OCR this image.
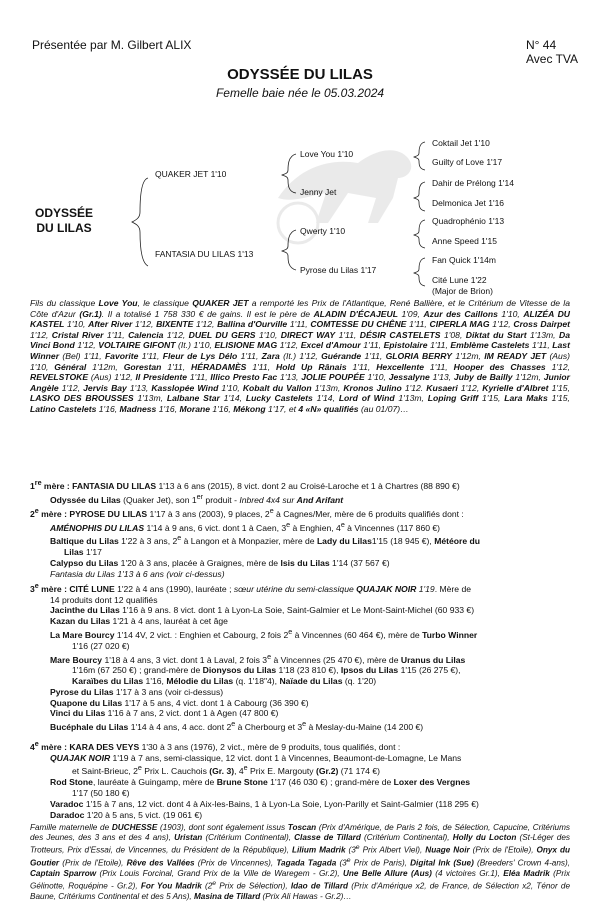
Présentée par M. Gilbert ALIX	N° 44
Avec TVA
ODYSSÉE DU LILAS
Femelle baie née le 05.03.2024
ODYSSÉE
DU LILAS
QUAKER JET 1'10
FANTASIA DU LILAS 1'13
Love You 1'10
Jenny Jet
Qwerty 1'10
Pyrose du Lilas 1'17
Coktail Jet 1'10
Guilty of Love 1'17
Dahir de Prélong 1'14
Delmonica Jet 1'16
Quadrophénio 1'13
Anne Speed 1'15
Fan Quick 1'14m
Cité Lune 1'22
(Major de Brion)
Fils du classique Love You, le classique QUAKER JET a remporté les Prix de l'Atlantique, René Ballière, et le Critérium de Vitesse de la Côte d'Azur (Gr.1). Il a totalisé 1 758 330 € de gains. Il est le père de ALADIN D'ÉCAJEUL 1'09, Azur des Caillons 1'10, ALIZÉA DU KASTEL 1'10, After River 1'12, BIXENTE 1'12, Ballina d'Ourville 1'11, COMTESSE DU CHÊNE 1'11, CIPERLA MAG 1'12, Cross Dairpet 1'12, Cristal River 1'11, Calencia 1'12, DUEL DU GERS 1'10, DIRECT WAY 1'11, DÉSIR CASTELETS 1'08, Diktat du Start 1'13m, Da Vinci Bond 1'12, VOLTAIRE GIFONT (It.) 1'10, ELISIONE MAG 1'12, Excel d'Amour 1'11, Epistolaire 1'11, Emblème Castelets 1'11, Last Winner (Bel) 1'11, Favorite 1'11, Fleur de Lys Délo 1'11, Zara (It.) 1'12, Guérande 1'11, GLORIA BERRY 1'12m, IM READY JET (Aus) 1'10, Général 1'12m, Gorestan 1'11, HÉRADAMÈS 1'11, Hold Up Rânais 1'11, Hexcellente 1'11, Hooper des Chasses 1'12, REVELSTOKE (Aus) 1'12, Il Presidente 1'11, Illico Presto Fac 1'13, JOLIE POUPÉE 1'10, Jessalyne 1'13, Juby de Bailly 1'12m, Junior Angèle 1'12, Jervis Bay 1'13, Kasslopée Wind 1'10, Kobalt du Vallon 1'13m, Kronos Julino 1'12. Kusaeri 1'12, Kyrielle d'Albret 1'15, LASKO DES BROUSSES 1'13m, Lalbane Star 1'14, Lucky Castelets 1'14, Lord of Wind 1'13m, Loping Griff 1'15, Lara Maks 1'15, Latino Castelets 1'16, Madness 1'16, Morane 1'16, Mékong 1'17, et 4 «N» qualifiés (au 01/07)…
1re mère : FANTASIA DU LILAS 1'13 à 6 ans (2015), 8 vict. dont 2 au Croisé-Laroche et 1 à Chartres (88 890 €)
Odyssée du Lilas (Quaker Jet), son 1er produit - Inbred 4x4 sur And Arifant
2e mère : PYROSE DU LILAS 1'17 à 3 ans (2003), 9 places, 2e à Cagnes/Mer, mère de 6 produits qualifiés dont :
AMÉNOPHIS DU LILAS 1'14 à 9 ans, 6 vict. dont 1 à Caen, 3e à Enghien, 4e à Vincennes (117 860 €)
Baltique du Lilas 1'22 à 3 ans, 2e à Langon et à Monpazier, mère de Lady du Lilas1'15 (18 945 €), Météore du
Lilas 1'17
Calypso du Lilas 1'20 à 3 ans, placée à Graignes, mère de Isis du Lilas 1'14 (37 567 €)
Fantasia du Lilas 1'13 à 6 ans (voir ci-dessus)
3e mère : CITÉ LUNE 1'22 à 4 ans (1990), lauréate ; sœur utérine du semi-classique QUAJAK NOIR 1'19. Mère de
14 produits dont 12 qualifiés
Jacinthe du Lilas 1'16 à 9 ans. 8 vict. dont 1 à Lyon-La Soie, Saint-Galmier et Le Mont-Saint-Michel (60 933 €)
Kazan du Lilas 1'21 à 4 ans, lauréat à cet âge
La Mare Bourcy 1'14 4V, 2 vict. : Enghien et Cabourg, 2 fois 2e à Vincennes (60 464 €), mère de Turbo Winner
1'16 (27 020 €)
Mare Bourcy 1'18 à 4 ans, 3 vict. dont 1 à Laval, 2 fois 3e à Vincennes (25 470 €), mère de Uranus du Lilas
1'16m (67 250 €) ; grand-mère de Dionysos du Lilas 1'18 (23 810 €), Ipsos du Lilas 1'15 (26 275 €),
Karaïbes du Lilas 1'16, Mélodie du Lilas (q. 1'18"4), Naïade du Lilas (q. 1'20)
Pyrose du Lilas 1'17 à 3 ans (voir ci-dessus)
Quapone du Lilas 1'17 à 5 ans, 4 vict. dont 1 à Cabourg (36 390 €)
Vinci du Lilas 1'16 à 7 ans, 2 vict. dont 1 à Agen (47 800 €)
Bucéphale du Lilas 1'14 à 4 ans, 4 acc. dont 2e à Cherbourg et 3e à Meslay-du-Maine (14 200 €)
4e mère : KARA DES VEYS 1'30 à 3 ans (1976), 2 vict., mère de 9 produits, tous qualifiés, dont :
QUAJAK NOIR 1'19 à 7 ans, semi-classique, 12 vict. dont 1 à Vincennes, Beaumont-de-Lomagne, Le Mans
et Saint-Brieuc, 2e Prix L. Cauchois (Gr. 3), 4e Prix E. Margouty (Gr.2) (71 174 €)
Rod Stone, lauréate à Guingamp, mère de Brune Stone 1'17 (46 030 €) ; grand-mère de Loxer des Vergnes
1'17 (50 180 €)
Varadoc 1'15 à 7 ans, 12 vict. dont 4 à Aix-les-Bains, 1 à Lyon-La Soie, Lyon-Parilly et Saint-Galmier (118 295 €)
Daradoc 1'20 à 5 ans, 5 vict. (19 061 €)
Famille maternelle de DUCHESSE (1903), dont sont également issus Toscan (Prix d'Amérique, de Paris 2 fois, de Sélection, Capucine, Critériums des Jeunes, des 3 ans et des 4 ans), Uristan (Critérium Continental), Classe de Tillard (Critérium Continental), Holly du Locton (St-Léger des Trotteurs, Prix d'Essai, de Vincennes, du Président de la République), Lilium Madrik (3e Prix Albert Viel), Nuage Noir (Prix de l'Etoile), Onyx du Goutier (Prix de l'Etoile), Rêve des Vallées (Prix de Vincennes), Tagada Tagada (3e Prix de Paris), Digital Ink (Sue) (Breeders' Crown 4-ans), Captain Sparrow (Prix Louis Forcinal, Grand Prix de la Ville de Waregem - Gr.2), Une Belle Allure (Aus) (4 victoires Gr.1), Eléa Madrik (Prix Gélinotte, Roquépine - Gr.2), For You Madrik (2e Prix de Sélection), Idao de Tillard (Prix d'Amérique x2, de France, de Sélection x2, Ténor de Baune, Critériums Continental et des 5 Ans), Masina de Tillard (Prix Ali Hawas - Gr.2)…
